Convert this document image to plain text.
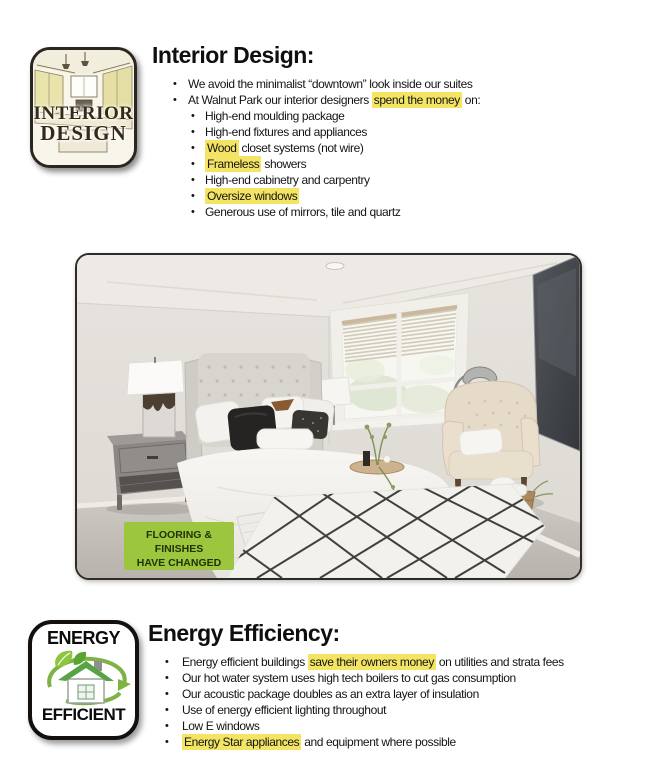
INTERIOR
DESIGN
Interior Design:
• We avoid the minimalist “downtown” look inside our suites
• At Walnut Park our interior designers spend the money on:
• High-end moulding package
• High-end fixtures and appliances
•	Wood closet systems (not wire)
•	Frameless showers
• High-end cabinetry and carpentry
•	Oversize windows
• Generous use of mirrors, tile and quartz
FLOORING &
FINISHES
HAVE CHANGED
ENERGY
EFFICIENT
Energy Efficiency:
•	Energy efficient buildings save their owners money on utilities and strata fees
•	Our hot water system uses high tech boilers to cut gas consumption
•	Our acoustic package doubles as an extra layer of insulation
•	Use of energy efficient lighting throughout
•	Low E windows
•	Energy Star appliances and equipment where possible
